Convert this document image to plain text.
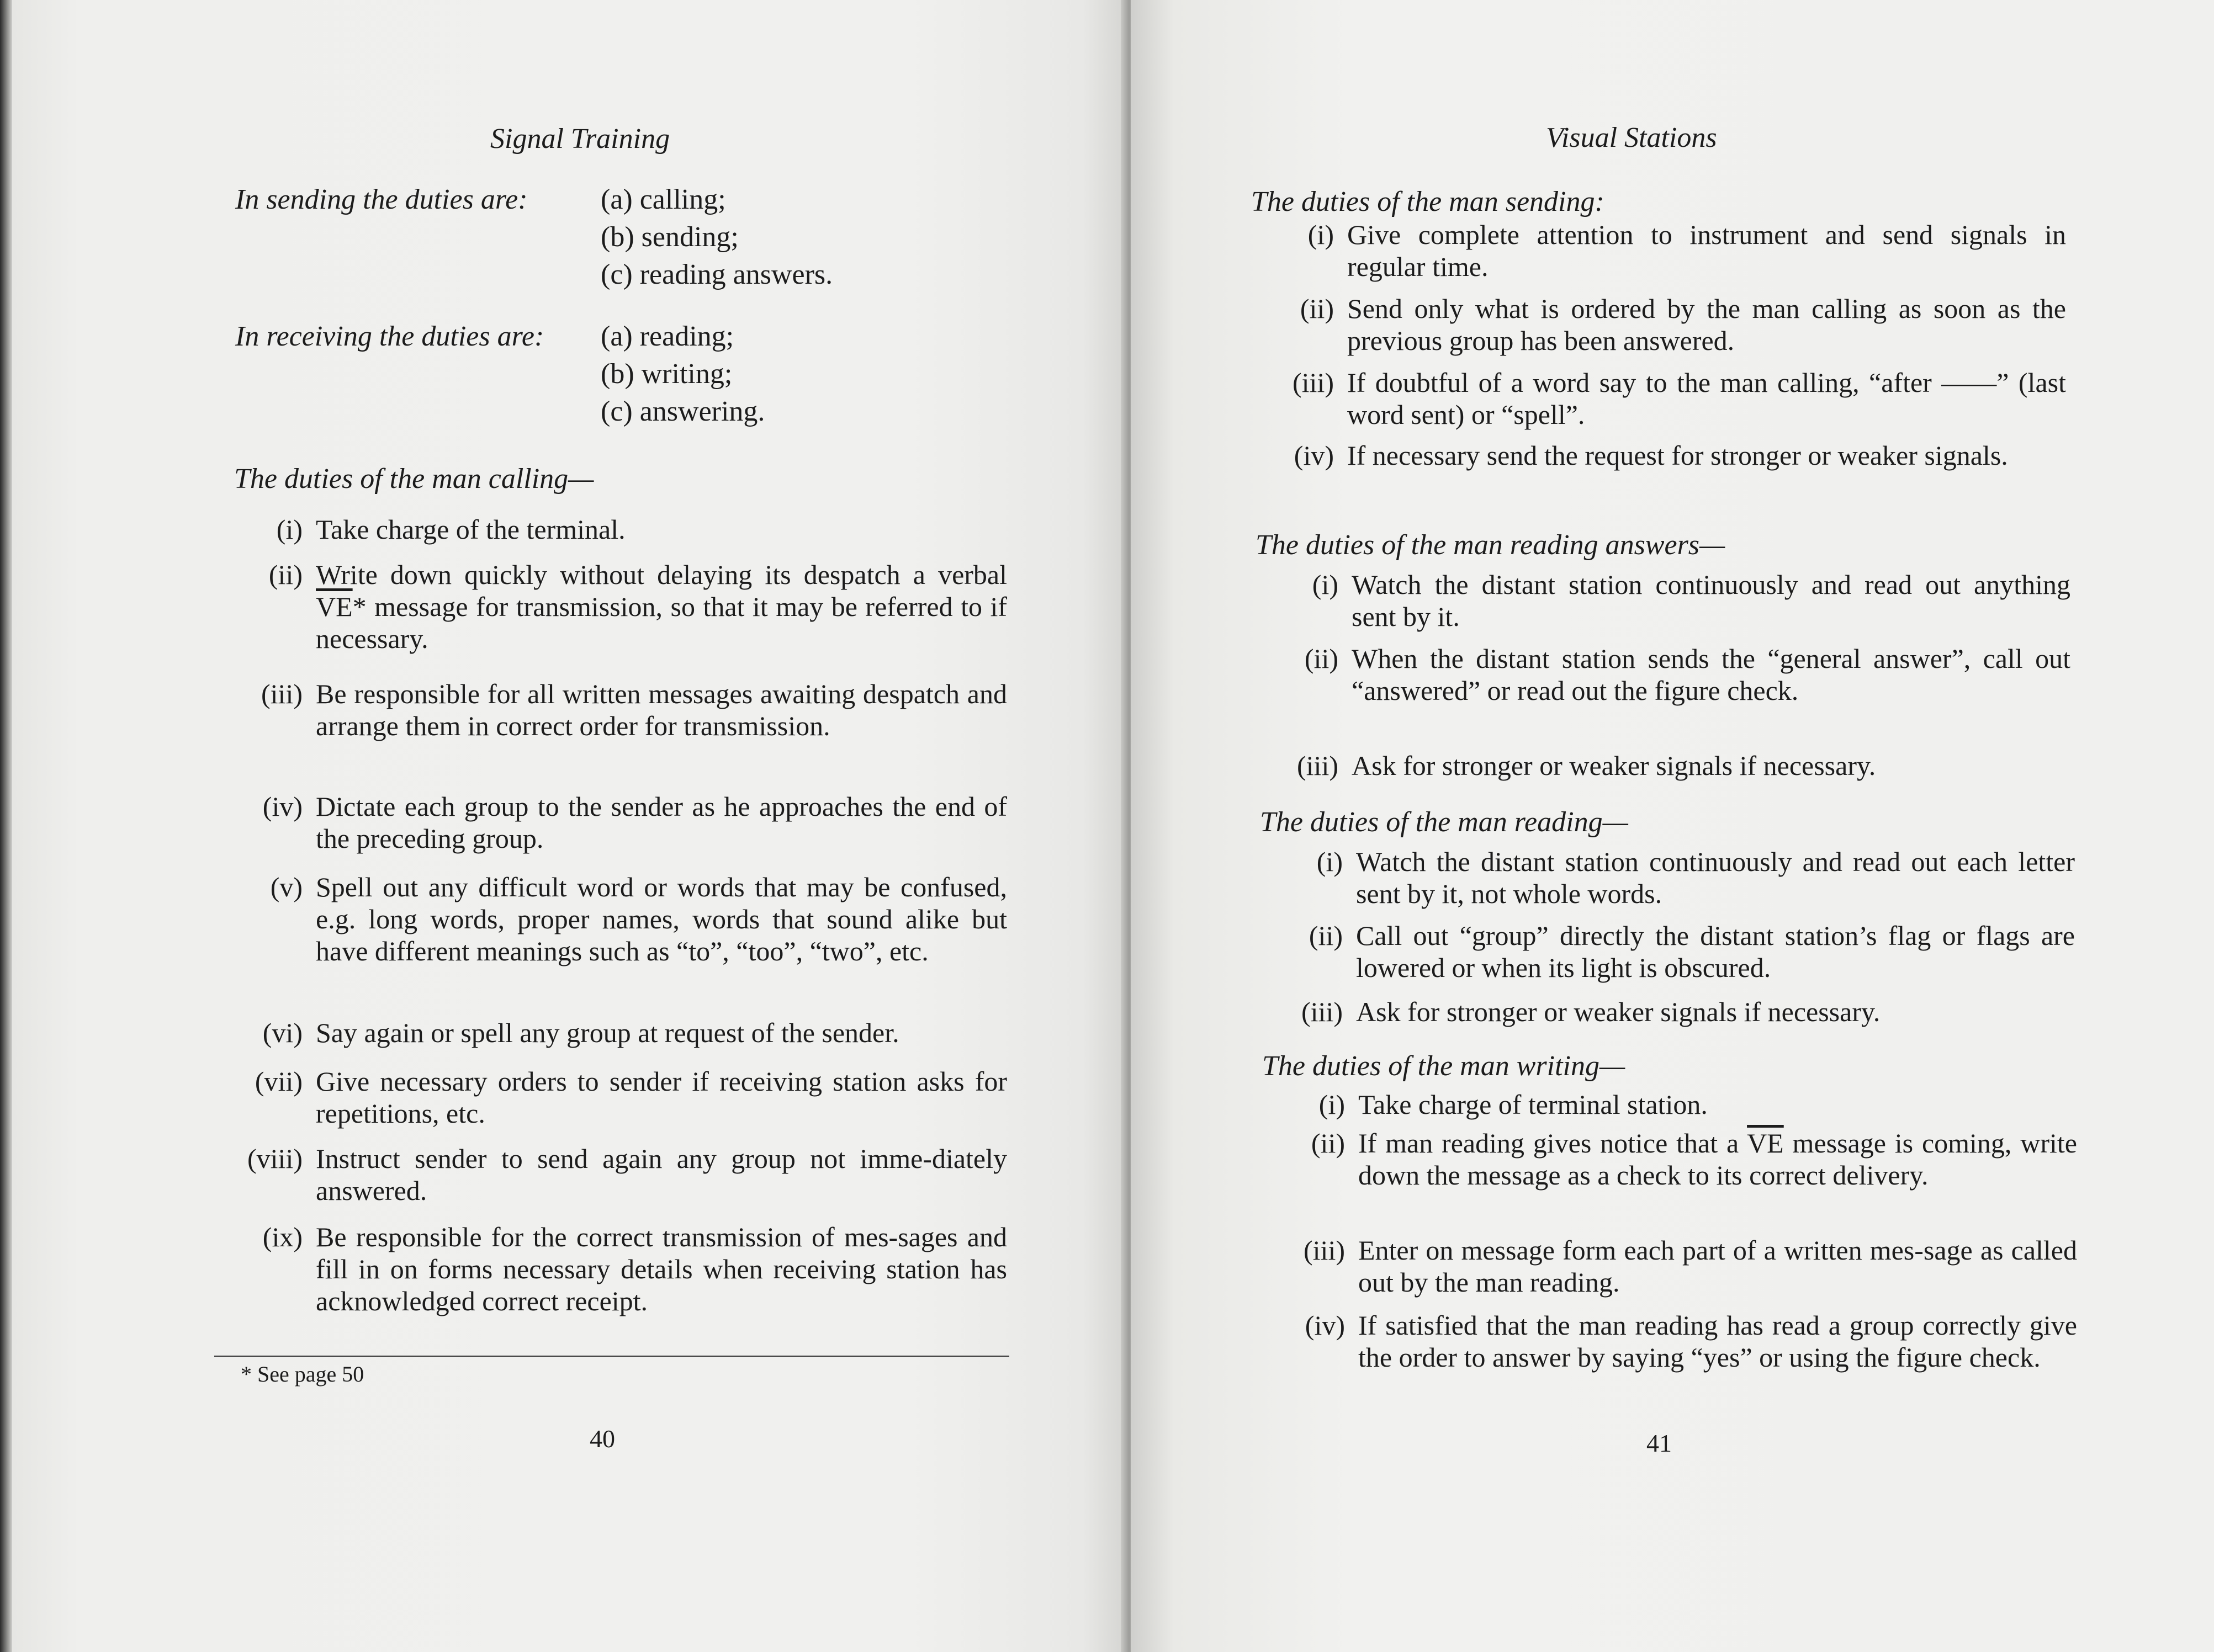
Signal Training
In sending the duties are:	(a) calling;
(b) sending;
(c) reading answers.
In receiving the duties are: (a) reading;
(b) writing;
(c) answering.
The duties of the man calling—
(i) Take charge of the terminal.
(ii) Write down quickly without delaying its despatch a verbal $\overline{VE}*$ message for transmission, so that it may be referred to if necessary.
(iii) Be responsible for all written messages awaiting despatch and arrange them in correct order for transmission.
(iv) Dictate each group to the sender as he approaches the end of the preceding group.
(v) Spell out any difficult word or words that may be confused, e.g. long words, proper names, words that sound alike but have different meanings such as “to”, “too”, “two”, etc.
(vi) Say again or spell any group at request of the sender.
(vii) Give necessary orders to sender if receiving station asks for repetitions, etc.
(viii) Instruct sender to send again any group not imme-diately answered.
(ix) Be responsible for the correct transmission of mes-sages and fill in on forms necessary details when receiving station has acknowledged correct receipt.
* See page 50
40
Visual Stations
The duties of the man sending:
(i) Give complete attention to instrument and send signals in regular time.
(ii) Send only what is ordered by the man calling as soon as the previous group has been answered.
(iii) If doubtful of a word say to the man calling, “after ——” (last word sent) or “spell”.
(iv) If necessary send the request for stronger or weaker signals.
The duties of the man reading answers—
(i) Watch the distant station continuously and read out anything sent by it.
(ii) When the distant station sends the “general answer”, call out “answered” or read out the figure check.
(iii) Ask for stronger or weaker signals if necessary.
The duties of the man reading—
(i) Watch the distant station continuously and read out each letter sent by it, not whole words.
(ii) Call out “group” directly the distant station’s flag or flags are lowered or when its light is obscured.
(iii) Ask for stronger or weaker signals if necessary.
The duties of the man writing—
(i) Take charge of terminal station.
(ii) If man reading gives notice that a $\overline{VE}$ message is coming, write down the message as a check to its correct delivery.
(iii) Enter on message form each part of a written mes-sage as called out by the man reading.
(iv) If satisfied that the man reading has read a group correctly give the order to answer by saying “yes” or using the figure check.
41
